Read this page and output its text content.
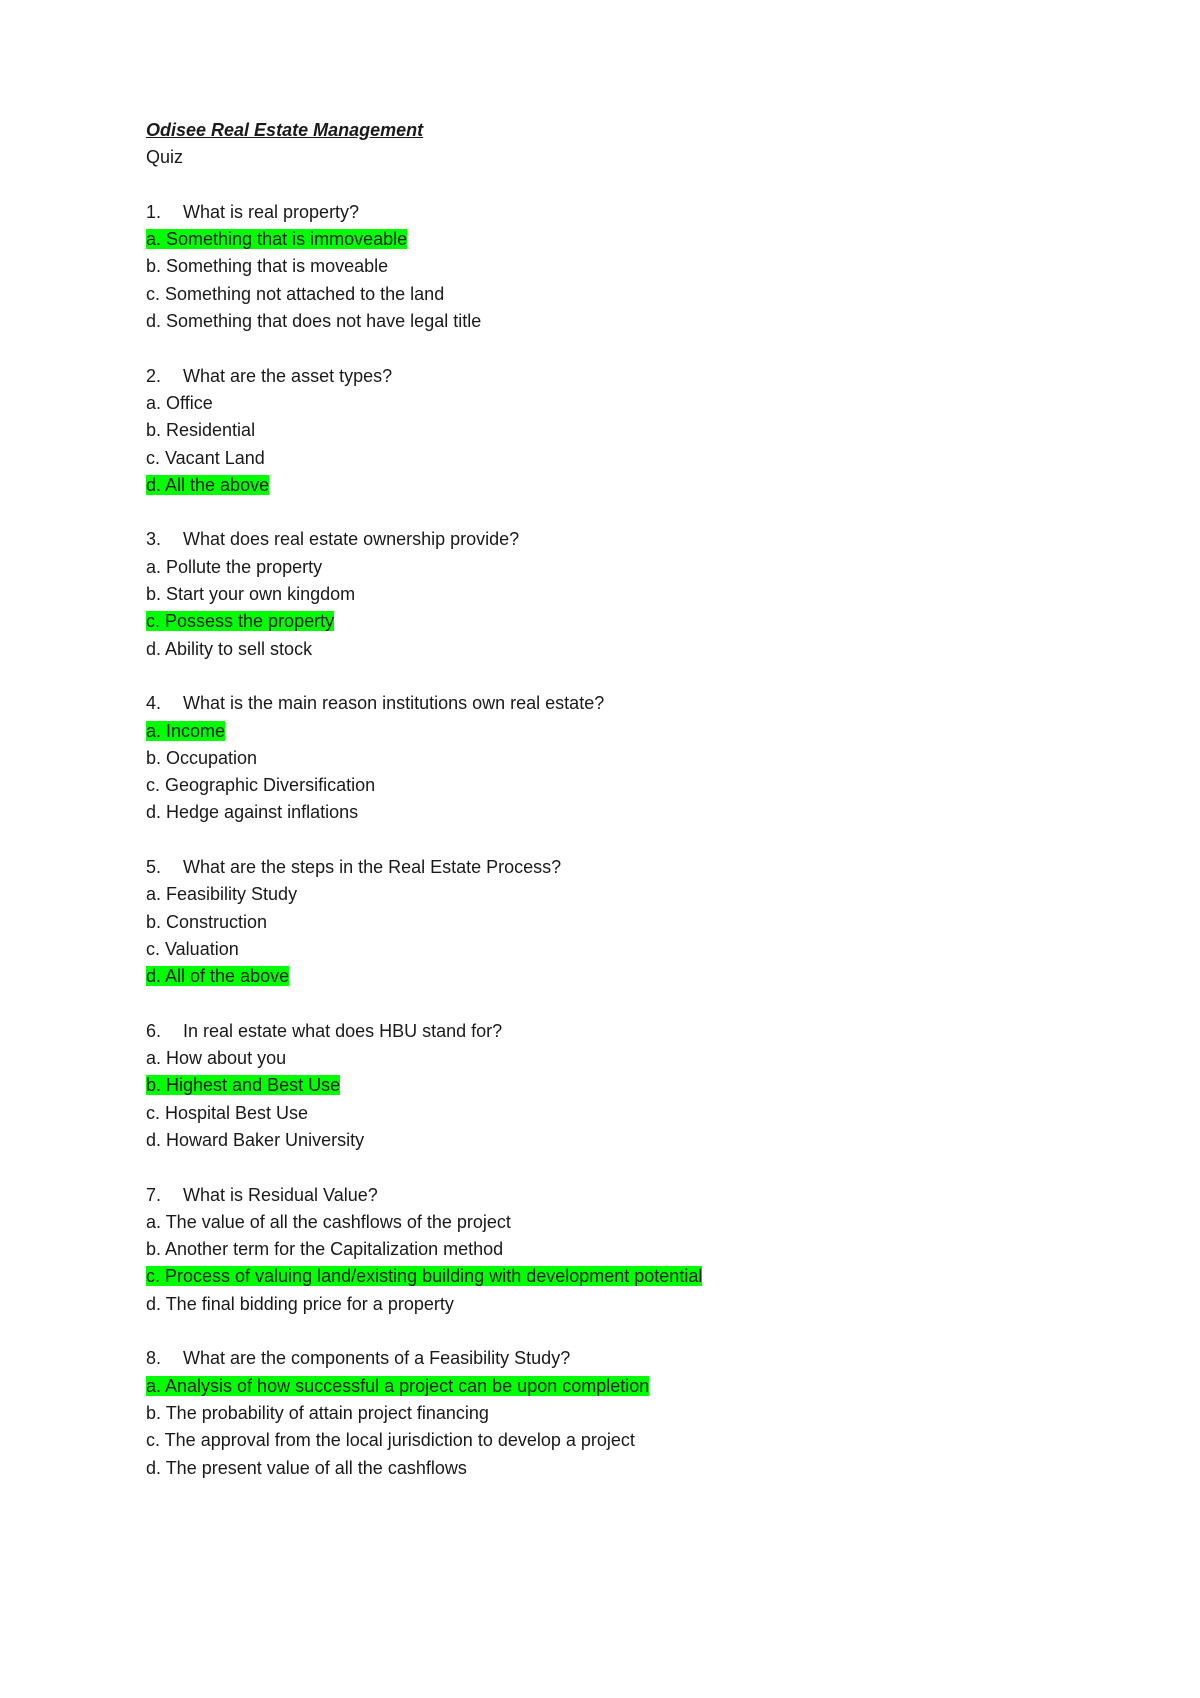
Odisee Real Estate Management
Quiz
1.	What is real property?
a. Something that is immoveable
b. Something that is moveable
c. Something not attached to the land
d. Something that does not have legal title
2.	What are the asset types?
a. Office
b. Residential
c. Vacant Land
d. All the above
3.	What does real estate ownership provide?
a. Pollute the property
b. Start your own kingdom
c. Possess the property
d. Ability to sell stock
4.	What is the main reason institutions own real estate?
a. Income
b. Occupation
c. Geographic Diversification
d. Hedge against inflations
5.	What are the steps in the Real Estate Process?
a. Feasibility Study
b. Construction
c. Valuation
d. All of the above
6.	In real estate what does HBU stand for?
a. How about you
b. Highest and Best Use
c. Hospital Best Use
d. Howard Baker University
7.	What is Residual Value?
a. The value of all the cashflows of the project
b. Another term for the Capitalization method
c. Process of valuing land/existing building with development potential
d. The final bidding price for a property
8.	What are the components of a Feasibility Study?
a. Analysis of how successful a project can be upon completion
b. The probability of attain project financing
c. The approval from the local jurisdiction to develop a project
d. The present value of all the cashflows
